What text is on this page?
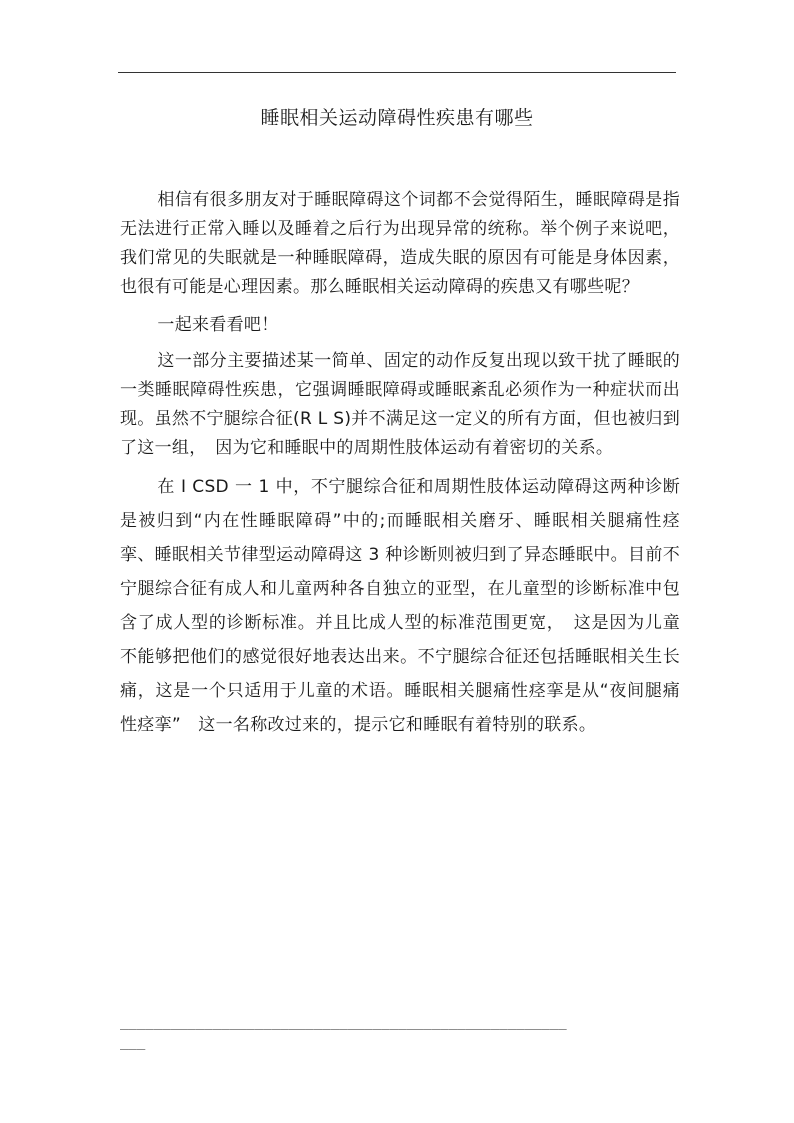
睡眠相关运动障碍性疾患有哪些

相信有很多朋友对于睡眠障碍这个词都不会觉得陌生，睡眠障碍是指无法进行正常入睡以及睡着之后行为出现异常的统称。举个例子来说吧，我们常见的失眠就是一种睡眠障碍，造成失眠的原因有可能是身体因素，也很有可能是心理因素。那么睡眠相关运动障碍的疾患又有哪些呢？

一起来看看吧！

这一部分主要描述某一简单、固定的动作反复出现以致干扰了睡眠的一类睡眠障碍性疾患，它强调睡眠障碍或睡眠紊乱必须作为一种症状而出现。虽然不宁腿综合征(R L S)并不满足这一定义的所有方面，但也被归到了这一组，　因为它和睡眠中的周期性肢体运动有着密切的关系。

在 I CSD 一 1 中，不宁腿综合征和周期性肢体运动障碍这两种诊断是被归到“内在性睡眠障碍”中的;而睡眠相关磨牙、睡眠相关腿痛性痉挛、睡眠相关节律型运动障碍这 3 种诊断则被归到了异态睡眠中。目前不宁腿综合征有成人和儿童两种各自独立的亚型，在儿童型的诊断标准中包含了成人型的诊断标准。并且比成人型的标准范围更宽，　这是因为儿童不能够把他们的感觉很好地表达出来。不宁腿综合征还包括睡眠相关生长痛，这是一个只适用于儿童的术语。睡眠相关腿痛性痉挛是从“夜间腿痛性痉挛”　这一名称改过来的，提示它和睡眠有着特别的联系。

_____________________________________________________
___
